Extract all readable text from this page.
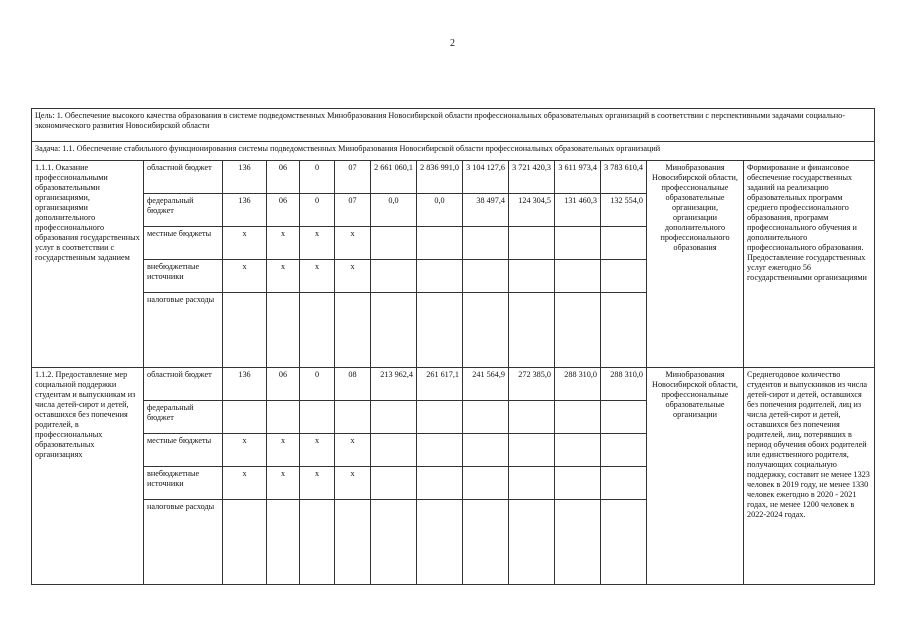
2
Цель: 1. Обеспечение высокого качества образования в системе подведомственных Минобразования Новосибирской области профессиональных образовательных организаций в соответствии с перспективными задачами социально-экономического развития Новосибирской области													
Задача: 1.1. Обеспечение стабильного функционирования системы подведомственных Минобразования Новосибирской области профессиональных образовательных организаций													
1.1.1. Оказание профессиональными образовательными организациями, организациями дополнительного профессионального образования государственных услуг в соответствии с государственным заданием	областной бюджет	136	06	0	07	2 661 060,1	2 836 991,0	3 104 127,6	3 721 420,3	3 611 973,4	3 783 610,4	Минобразования Новосибирской области, профессиональные образовательные организации, организации дополнительного профессионального образования	Формирование и финансовое обеспечение государственных заданий на реализацию образовательных программ среднего профессионального образования, программ профессионального обучения и дополнительного профессионального образования. Предоставление государственных услуг ежегодно 56 государственными организациями
	федеральный бюджет	136	06	0	07	0,0	0,0	38 497,4	124 304,5	131 460,3	132 554,0		
	местные бюджеты	x	x	x	x								
	внебюджетные источники	x	x	x	x								
	налоговые расходы												
1.1.2. Предоставление мер социальной поддержки студентам и выпускникам из числа детей-сирот и детей, оставшихся без попечения родителей, в профессиональных образовательных организациях	областной бюджет	136	06	0	08	213 962,4	261 617,1	241 564,9	272 385,0	288 310,0	288 310,0	Минобразования Новосибирской области, профессиональные образовательные организации	Среднегодовое количество студентов и выпускников из числа детей-сирот и детей, оставшихся без попечения родителей, лиц из числа детей-сирот и детей, оставшихся без попечения родителей, лиц, потерявших в период обучения обоих родителей или единственного родителя, получающих социальную поддержку, составит не менее 1323 человек в 2019 году, не менее 1330 человек ежегодно в 2020 - 2021 годах, не менее 1200 человек в 2022-2024 годах.
	федеральный бюджет												
	местные бюджеты	x	x	x	x								
	внебюджетные источники	x	x	x	x								
	налоговые расходы												
